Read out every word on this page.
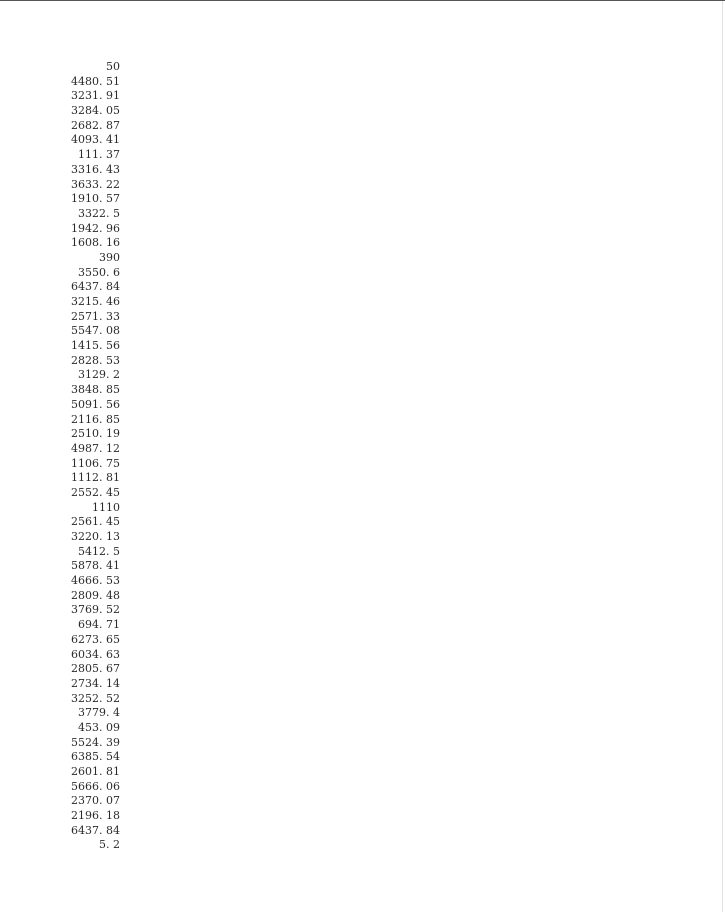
50
4480. 51
3231. 91
3284. 05
2682. 87
4093. 41
111. 37
3316. 43
3633. 22
1910. 57
3322. 5
1942. 96
1608. 16
390
3550. 6
6437. 84
3215. 46
2571. 33
5547. 08
1415. 56
2828. 53
3129. 2
3848. 85
5091. 56
2116. 85
2510. 19
4987. 12
1106. 75
1112. 81
2552. 45
1110
2561. 45
3220. 13
5412. 5
5878. 41
4666. 53
2809. 48
3769. 52
694. 71
6273. 65
6034. 63
2805. 67
2734. 14
3252. 52
3779. 4
453. 09
5524. 39
6385. 54
2601. 81
5666. 06
2370. 07
2196. 18
6437. 84
5. 2
